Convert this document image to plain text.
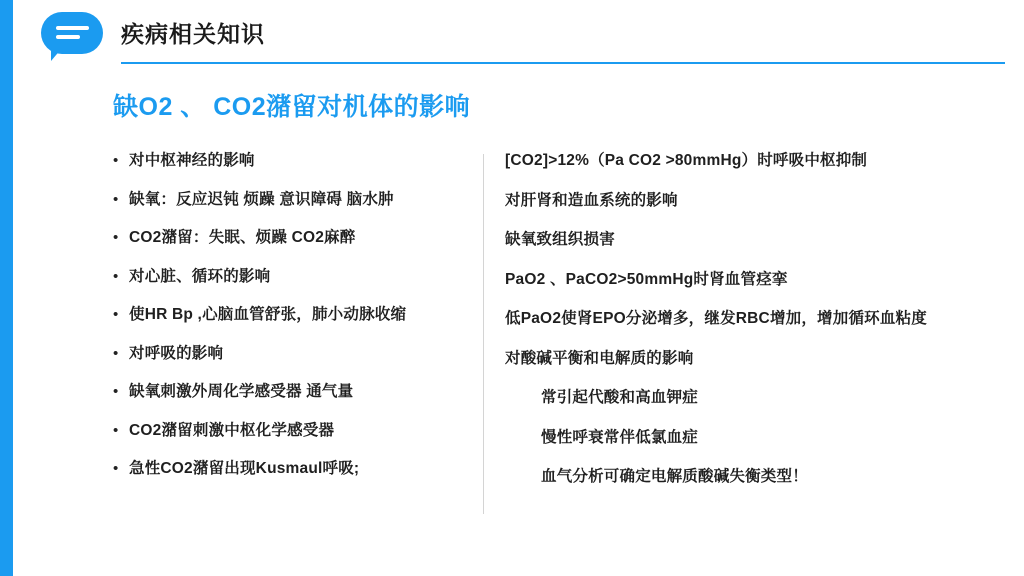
疾病相关知识
缺O2 、 CO2潴留对机体的影响
• 对中枢神经的影响
• 缺氧：反应迟钝 烦躁 意识障碍 脑水肿
• CO2潴留：失眠、烦躁 CO2麻醉
• 对心脏、循环的影响
• 使HR Bp ,心脑血管舒张，肺小动脉收缩
• 对呼吸的影响
• 缺氧刺激外周化学感受器 通气量
• CO2潴留刺激中枢化学感受器
• 急性CO2潴留出现Kusmaul呼吸;
[CO2]>12%（Pa CO2 >80mmHg）时呼吸中枢抑制
对肝肾和造血系统的影响
缺氧致组织损害
PaO2 、PaCO2>50mmHg时肾血管痉挛
低PaO2使肾EPO分泌增多，继发RBC增加，增加循环血粘度
对酸碱平衡和电解质的影响
常引起代酸和高血钾症
慢性呼衰常伴低氯血症
血气分析可确定电解质酸碱失衡类型！
